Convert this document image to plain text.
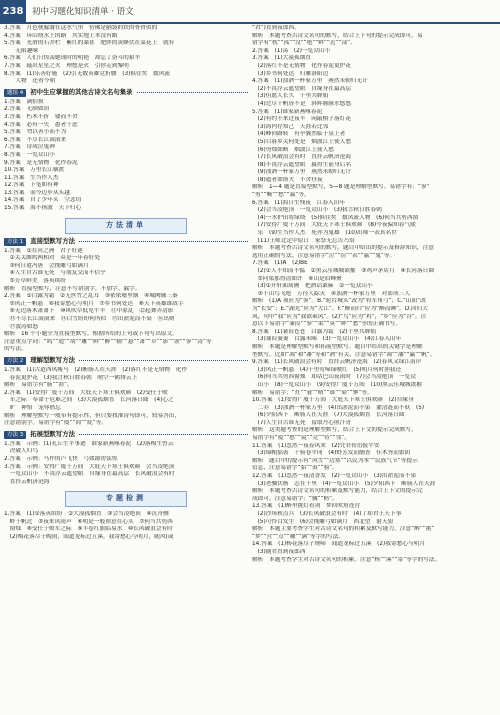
238	初中习题化知识清单 · 语文
3.答案　月色便朦胧在这水气里　仿佛是脑袋的铁的骨骨似的
4.答案　环山绕水上的路　其实地上本没有路
5.答案　光滑的石井栏　紫红的桑葚　肥胖的黄蜂伏在菜花上　就有
　　无限趣味
6.答案　人们只惊羡她现时的明艳　却忘了奋斗的艰辛
7.答案　敲出星星之火　理想是火　引你走到黎明
8.答案　(1)乐善好施　(2)引无数英雄竞折腰　(3)俱往矣　数风流
　　人物　还看今朝
题组 4	初中生应掌握的其他古诗文名句集录
1.答案　满招损
2.答案　无制如治
3.答案　朽木不折　镂而不舍
4.答案　必有一失　愚者千虑
5.答案　勿以善小而不为
6.答案　不尽长江滚滚来
7.答案　诗成泣鬼神
8.答案　一览众山小
9.答案　是无情物　化作春泥
10.答案　万里长江横渡
11.答案　生当作人杰
12.答案　下笔如有神
13.答案　而今迈步从头越
14.答案　自了少年头　空悲切
15.答案　海不扬波　天下归心
方法清单
方法 1	直接型默写方法
1.答案　①在河之洲　君子好逑
　②关关雎鸠两相对　莫是一年春好处
　③何日遣冯唐　会挽雕弓如满月
　④人生自古谁无死　与朋友交而不信乎
　⑤芳草鲜美　落英缤纷
解析　直接型默写，注意不写错别字，不加字、漏字。
2.答案　①白露为霜　②无丝竹之乱耳　③依依墟里烟　④城阙辅三秦
　⑤风正一帆悬　⑥我寄愁心与明月　⑦乡书何处达　⑧天下英雄谁敌手
　⑨无边落木萧萧下　⑩风吹草低见牛羊　⑪中原乱　⑫起舞弄清影
　⑬不尽长江滚滚来　⑭白雪纷纷何所似　⑮出淤泥而不染　⑯出则
　⑰波涛如怒
解析　16 个小题全为直接型默写，根据所给的上句或下句写出原文。
注意重点字词：“鸠”“遣”“胡”“雕”“鲜”“醉”“辅”“悬”“萧”“草”“影”“淤”“蓼”“涛”等
的写法。
方法 2	理解型默写方法
1.答案　(1)古道西风瘦马　(2)断肠人在天涯　(2)落红不是无情物　化作
　春泥更护花　(3)我言秋日胜春朝　晴空一鹤排云上
解析　易错字有“肠”“涯”。
2.答案　(1)安得广厦千万间　大庇天下寒士俱欢颜　(2)受任于败
　军之际　奉命于危难之间　(3)大漠孤烟直　长河落日圆　(4)心之
　旷　神怡　宠辱偕忘
解析　理解型默写一般带有提示性，但只要找准诗句即可，较易答出，
注意错别字。易错字有“厦”“间”“庇”等。
方法 3	拓展型默写方法
1.答案　示例：(1)孔丘生平事迹　谁家新燕啄春泥　(2)落梅生曾云
　决破人归鸟
2.答案　示例：马作的卢飞快　弓如霹雳弦惊
3.答案　示例：安得广厦千万间　大庇天下寒士俱欢颜　会当凌绝顶
　一览众山小　不畏浮云遮望眼　自缘身在最高层　长风破浪会有时
　直挂云帆济沧海
专题检测
1.答案　(1)①落英缤纷　②大漠孤烟直　③会当凌绝顶　④沉舟侧
　畔千帆过　⑤夜来风雨声　⑥明是一般禅意在心头　⑦何当共剪西
　窗烛　⑧受任于败军之际　⑨半卷红旗临易水　⑩长风破浪会有时
　(2)梅花落尽于晚雨，闻道龙标过五溪。我寄愁心与明月，随风(或
“君”)直到夜郎西。
解析　本题考查古诗文名句的默写，结合上下句的提示完成即可。易
错字有“枕”“孤”“没”“绝”“畔”“近”“部”。
2.答案　(1)荡　(2)一览众山小
3.答案　(1)大漠孤烟直
　(2)落红不是无情物　化作春泥更护花
　(3)乡书何处达　归雁洛阳边
4.答案　(1)浊酒一杯家万里　燕然未勒归无计
　(2)不畏浮云遮望眼　自缘身在最高层
　(3)但愿人长久　千里共婵娟
　(4)过尽千帆皆不是　斜晖脉脉水悠悠
5.答案　(1)谁家新燕啄春泥
　(2)有约不来过夜半　闲敲棋子落灯花
　(3)海内存知己　天涯若比邻
　(4)峰回路转　有亭翼然临于泉上者
　(5)目暮乡关何处是　烟波江上使人愁
　(6)剪烛如断　烟波江上使人愁
　(7)长风破浪会有时　直挂云帆济沧海
　(8)不畏浮云遮望眼　嬴得生前身后名
　(9)浊酒一杯家万里　燕然未勒归无计
　(8)遮者如斯夫　不舍昼夜
解析　1—4 题是直接型默写，5—8 题是理解型默写。易错字有：“蓼”
“剪”“嘶”“愁”“嬴”等。
6.答案　(1)海日生残夜　江春入旧年
　(2)会当凌绝顶　一览众山小　(3)我言秋日胜春朝
　(4)一水护田将绿绕　(5)俱往矣　数风流人物　(6)何当共剪西窗
　(7)安得广厦千万间　大庇天下寒士俱欢颜　(8)今夜偏知春气暖
　乐　(9)生当作人杰　死亦为鬼雄　(10)出师一表真名世
　(11)王师北定中原日　家祭无忘告乃翁
解析　本题考查古诗文名句的默写。题目中给出的提示及修辞知识，注意
选用正确的写法。注意易错字“泣”“渲”“表”“嬴”“鬼”等。
7.答案　(1)A　(2)BE
　(2)①人不知而不愠　②黑云压城城欲摧　③鸡声茅店月　④长河落日圆
　⑤问渠那得清如许　⑥山是眉峰聚
　(3)①开轩面场圃　把酒话桑麻　②一览众山小
　③千山鸟飞绝　万径人踪灭　④浊酒一杯家万里　对影成三人
解析　(1)A 项应为“蓼”。B.“轮台城头”改为“将军角弓”；C.“山阳”改
为“长安”；E.“湖光”应为“大江”。F.“醉而归”应为“醉而睡”。D.回归大
风，句中“我”应为“我欲乘风”。(2)“鸟”应为“鸡”，“乡”应为“谷”。注
意以下易错字“蒹葭”“蓼”“渠”“莫”“畔”“愁”等的正确书写。
8.答案　(1)蒹葭苍苍　白露为霜　(2)千里共婵娟
　(3)蒹葭萋萋　白露未晞　(3)一览众山小　(4)江春入旧年
解析　本题是理解型默写和拓展型默写。题目中给出的关键字是理解
型默写，比如“凋”和“蕃”等和“酒”有关，注意易错字“凋”“藩”“赢”“帆”。
9.答案　(1)长风破浪会有时　直挂云帆济沧海　(2)春风又绿江南岸
　(3)风正一帆悬　(4)千里莺啼绿映红　(5)明月何时照我还
　(6)何当共剪西窗烛　却话巴山夜雨时　(7)会当凌绝顶　一览众
　山小　(8)一览众山小　(9)安得广厦千万间　(10)黑云压城城欲摧
解析　易错字：“灶”“蓑”“晴”“谁”“染”“攀”等。
10.答案　(1)安得广厦千万间　大庇天下寒士俱欢颜　(2)自缘身
　二乔　(3)浊酒一杯家万里　(4)出淤泥而不染　濯清涟而不妖　(5)
　(6)夕阳西下　断肠人在天涯　(7)大漠孤烟直　长河落日圆
　(7)人生自古谁无死　留取丹心照汗青
解析　这类题考查的是理解型默写，结合上下文的提示完成默写。
易错字有“厦”“愁”“镜”“竞”“侍”“邻”。
11.答案　(1)忽然一夜春风来　(2)凭君传语报平安
　(3)锦帽貂裘　千骑卷平冈　(4)野芳发而幽香　佳木秀而繁阴
解析　题目中的提示有“风雪”“边塞”“以民为本”“民族气节”等提示
信息，注意易错字“貂”“裘”“骑”。
12.答案　(1)忽然一夜清香发　(2)一览众山小　(3)出淤泥而不染
　(3)老骥伏枥　志在千里　(4)一览众山小　(5)夕阳西下　断肠人在天涯
解析　本题考查古诗文名句的积累及默写能力，结合上下文的提示完
成即可。注意易错字：“骥”“枥”。
13.答案　(1)醉里挑灯看剑　梦回吹角连营
　(2)沙场秋点兵　(3)长风破浪会有时　(4)了却君王天下事
　(5)可怜白发生　(6)会挽雕弓如满月　西北望　射天狼
解析　本题主要考查学生对古诗文名句的积累及默写能力，注意“醉”“挑”
“梦”“营”“点”“雕”“满”等字的写法。
14.答案　(1)杨花落尽子规啼　闻道龙标过五溪　(2)我寄愁心与明月
　(3)随君直到夜郎西
解析　本题考查学生对古诗文名句的积累。注意“杨”“溪”“寄”等字的写法。
